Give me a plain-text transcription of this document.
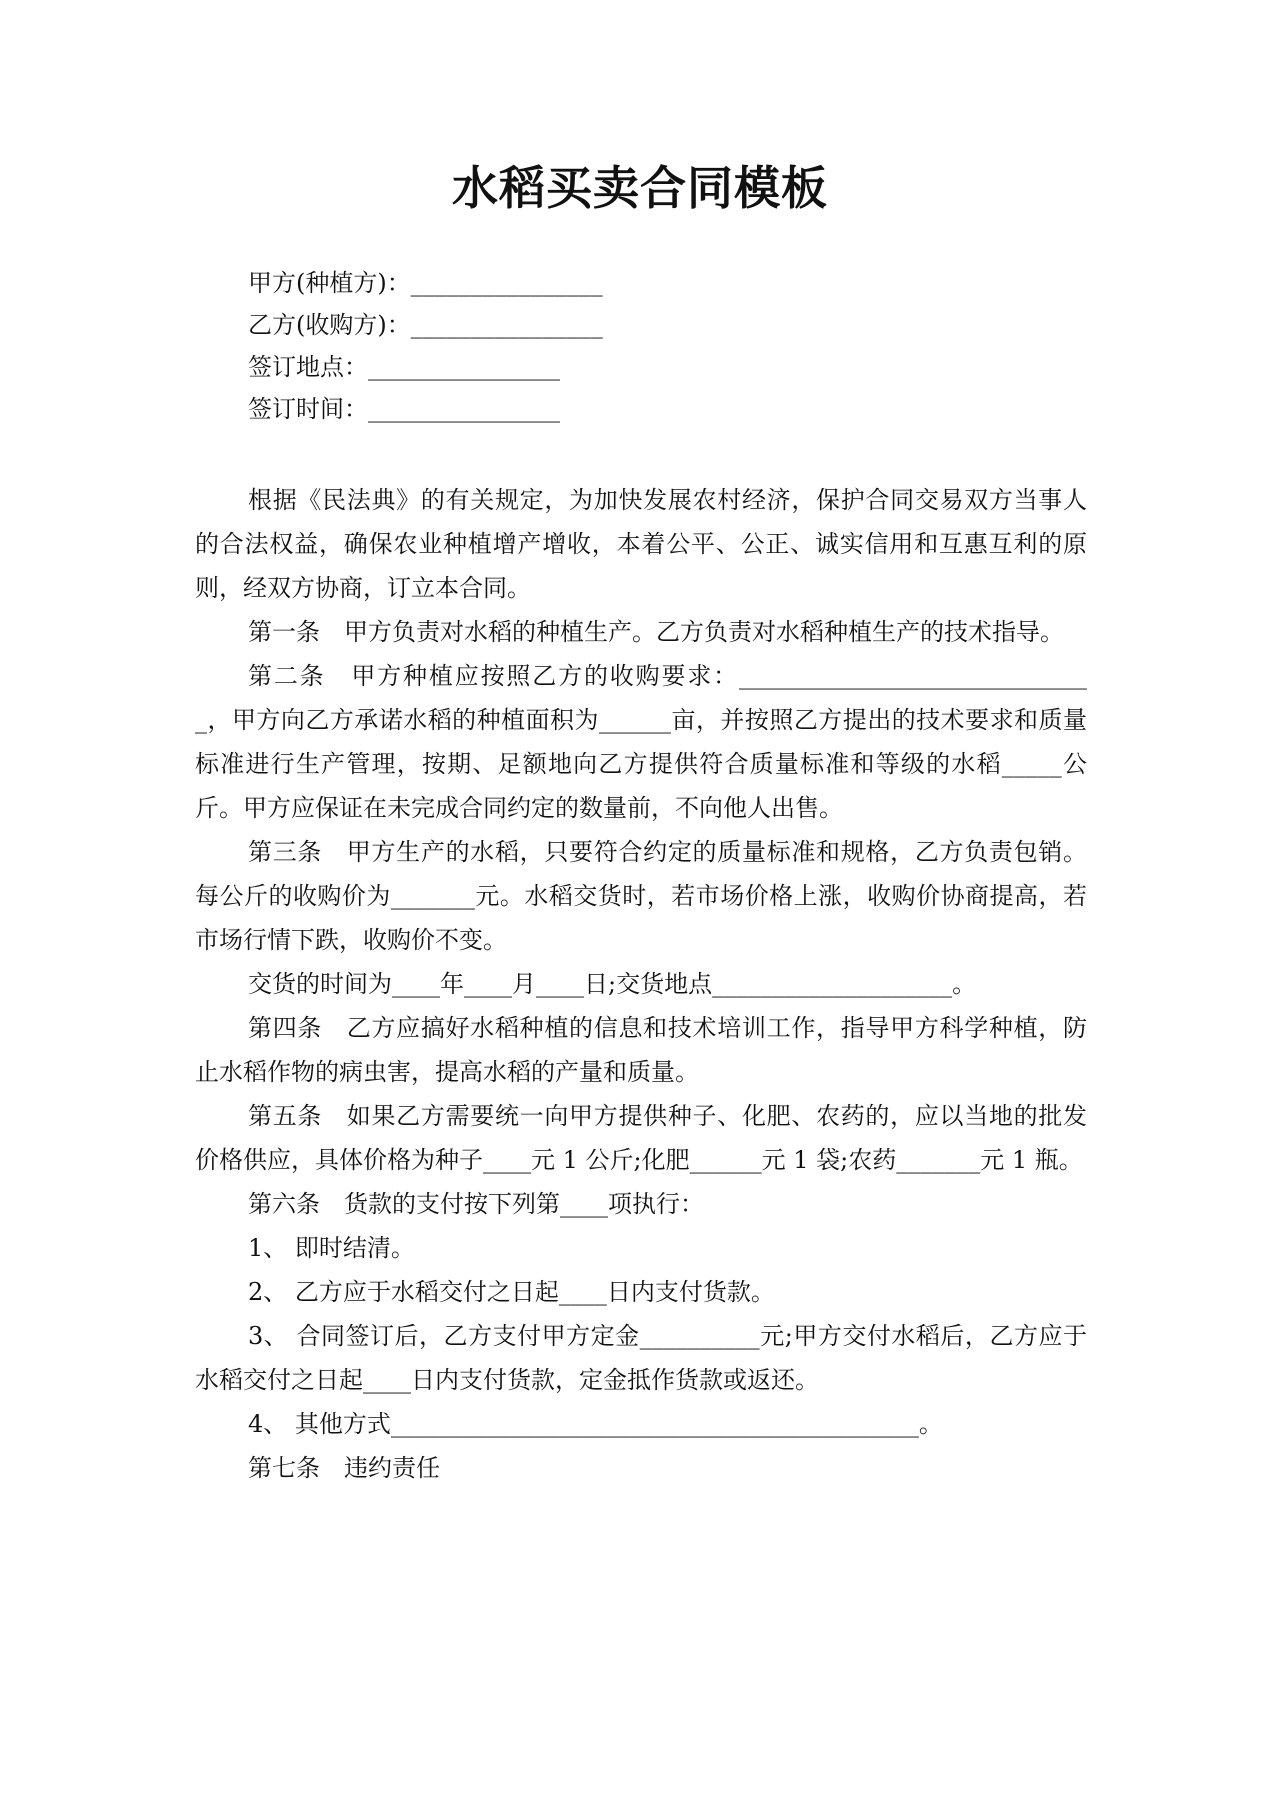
水稻买卖合同模板
甲方(种植方)：________________
乙方(收购方)：________________
签订地点：________________
签订时间：________________

根据《民法典》的有关规定，为加快发展农村经济，保护合同交易双方当事人的合法权益，确保农业种植增产增收，本着公平、公正、诚实信用和互惠互利的原则，经双方协商，订立本合同。

第一条　甲方负责对水稻的种植生产。乙方负责对水稻种植生产的技术指导。

第二条　甲方种植应按照乙方的收购要求：______________________________，甲方向乙方承诺水稻的种植面积为______亩，并按照乙方提出的技术要求和质量标准进行生产管理，按期、足额地向乙方提供符合质量标准和等级的水稻_____公斤。甲方应保证在未完成合同约定的数量前，不向他人出售。

第三条　甲方生产的水稻，只要符合约定的质量标准和规格，乙方负责包销。每公斤的收购价为_______元。水稻交货时，若市场价格上涨，收购价协商提高，若市场行情下跌，收购价不变。

交货的时间为____年____月____日;交货地点____________________。

第四条　乙方应搞好水稻种植的信息和技术培训工作，指导甲方科学种植，防止水稻作物的病虫害，提高水稻的产量和质量。

第五条　如果乙方需要统一向甲方提供种子、化肥、农药的，应以当地的批发价格供应，具体价格为种子____元 1 公斤;化肥______元 1 袋;农药_______元 1 瓶。

第六条　货款的支付按下列第____项执行：

1、 即时结清。

2、 乙方应于水稻交付之日起____日内支付货款。

3、 合同签订后，乙方支付甲方定金__________元;甲方交付水稻后，乙方应于水稻交付之日起____日内支付货款，定金抵作货款或返还。

4、 其他方式____________________________________________。

第七条　违约责任
